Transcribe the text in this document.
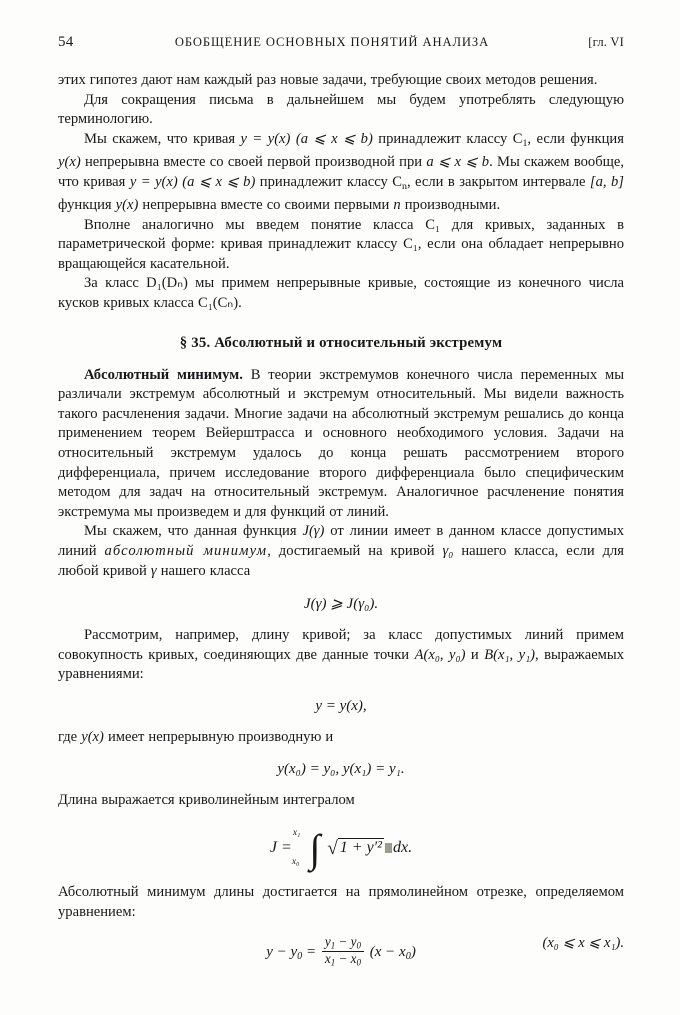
54	ОБОБЩЕНИЕ ОСНОВНЫХ ПОНЯТИЙ АНАЛИЗА	[гл. VI

этих гипотез дают нам каждый раз новые задачи, требующие своих методов решения.

Для сокращения письма в дальнейшем мы будем употреблять следующую терминологию.

Мы скажем, что кривая y = y(x) (a ⩽ x ⩽ b) принадлежит классу $C_1$, если функция y(x) непрерывна вместе со своей первой производной при a ⩽ x ⩽ b. Мы скажем вообще, что кривая y = y(x) (a ⩽ x ⩽ b) принадлежит классу $C_n$, если в закрытом интервале [a, b] функция y(x) непрерывна вместе со своими первыми n производными.

Вполне аналогично мы введем понятие класса C₁ для кривых, заданных в параметрической форме: кривая принадлежит классу C₁, если она обладает непрерывно вращающейся касательной.

За класс D₁(Dₙ) мы примем непрерывные кривые, состоящие из конечного числа кусков кривых класса C₁(Cₙ).

§ 35. Абсолютный и относительный экстремум

Абсолютный минимум. В теории экстремумов конечного числа переменных мы различали экстремум абсолютный и экстремум относительный. Мы видели важность такого расчленения задачи. Многие задачи на абсолютный экстремум решались до конца применением теорем Вейерштрасса и основного необходимого условия. Задачи на относительный экстремум удалось до конца решать рассмотрением второго дифференциала, причем исследование второго дифференциала было специфическим методом для задач на относительный экстремум. Аналогичное расчленение понятия экстремума мы произведем и для функций от линий.

Мы скажем, что данная функция J(γ) от линии имеет в данном классе допустимых линий абсолютный минимум, достигаемый на кривой γ₀ нашего класса, если для любой кривой γ нашего класса

J(γ) ⩾ J(γ₀).

Рассмотрим, например, длину кривой; за класс допустимых линий примем совокупность кривых, соединяющих две данные точки A(x₀, y₀) и B(x₁, y₁), выражаемых уравнениями:

y = y(x),

где y(x) имеет непрерывную производную и

y(x₀) = y₀, y(x₁) = y₁.

Длина выражается криволинейным интегралом

J =
x₁
x₀ ∫ √ 1 + y′² dx.

Абсолютный минимум длины достигается на прямолинейном отрезке, определяемом уравнением:

$y - y_0 = \frac{y_1 - y_0}{x_1 - x_0} (x - x_0)$
(x₀ ⩽ x ⩽ x₁).
